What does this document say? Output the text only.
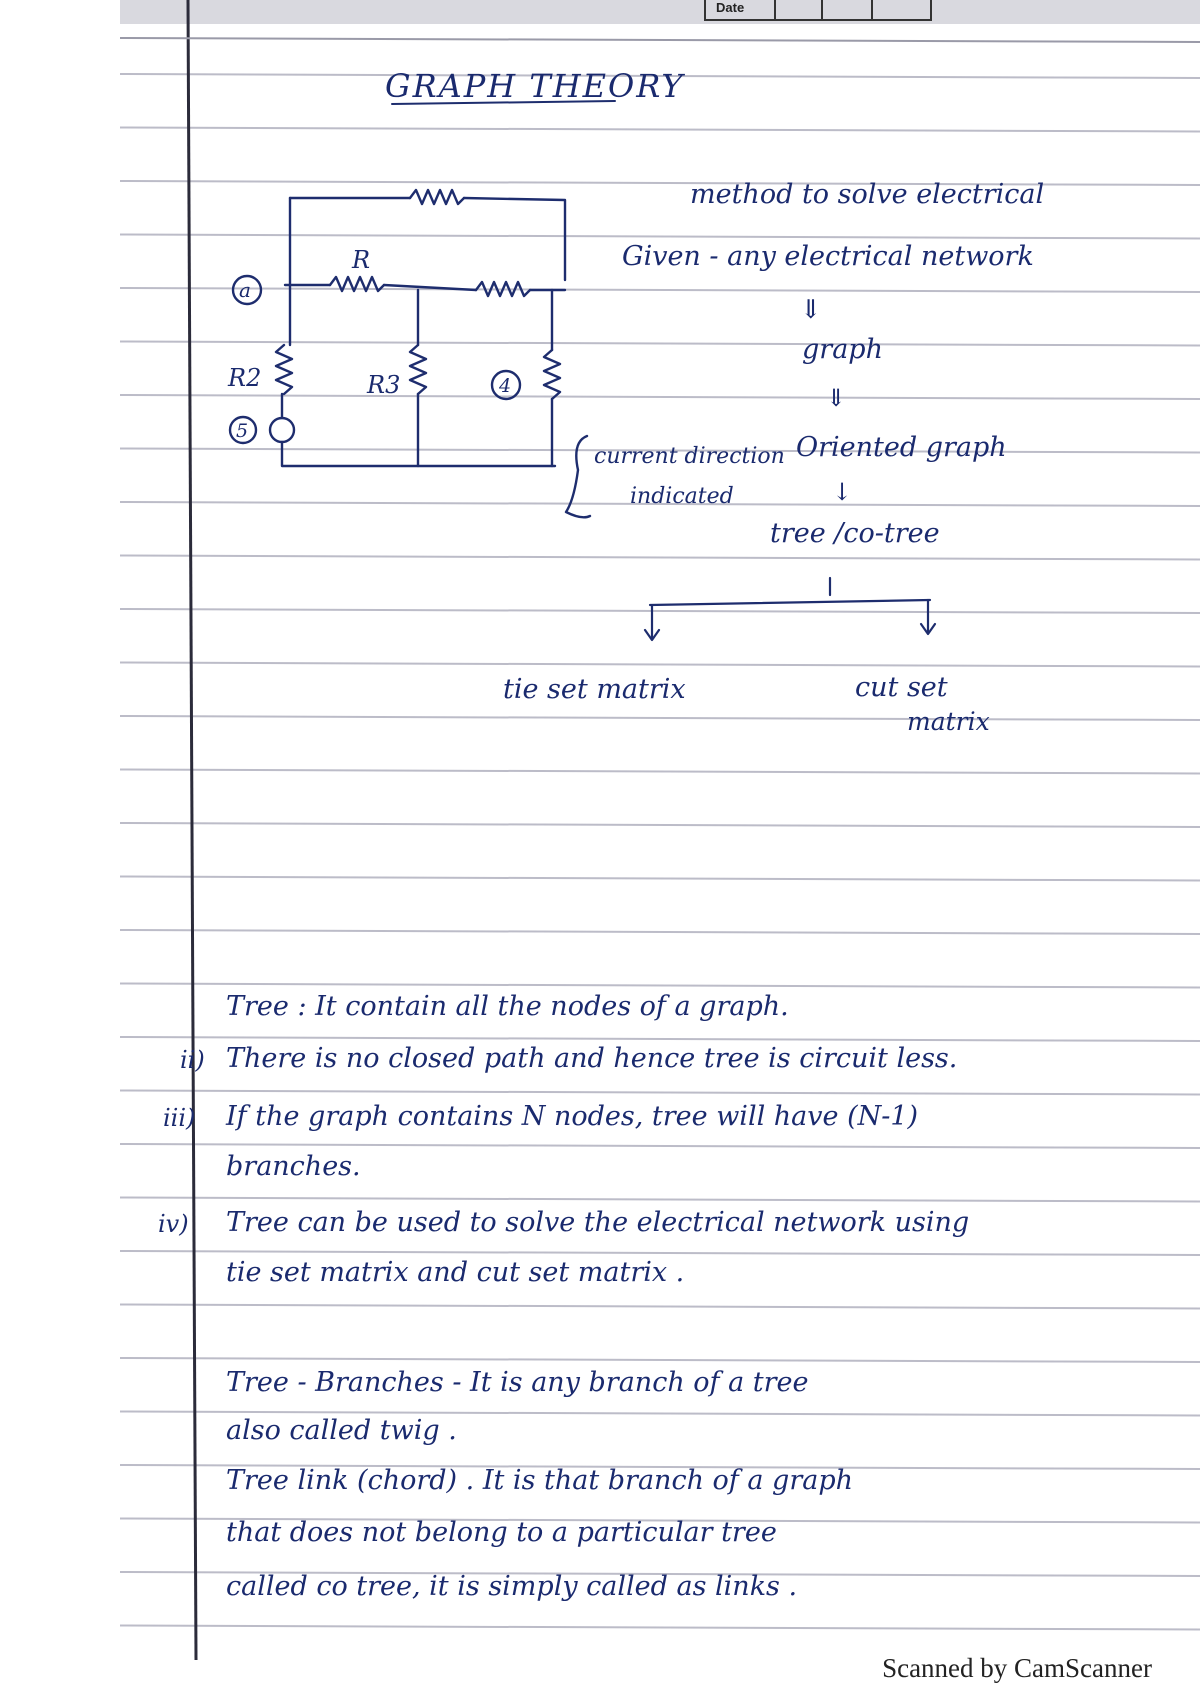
GRAPH THEORY
a
5
4
R
R2	R3
current direction
indicated
method to solve electrical
Given - any electrical network
⇓
graph
⇓
Oriented graph
↓
tree /co-tree
tie set matrix	cut set
matrix
Date
Tree : It contain all the nodes of a graph.
ii) There is no closed path and hence tree is circuit less.
iii) If the graph contains N nodes, tree will have (N-1)
branches.
iv) Tree can be used to solve the electrical network using
tie set matrix and cut set matrix .
Tree - Branches - It is any branch of a tree
also called twig .
Tree link (chord) . It is that branch of a graph
that does not belong to a particular tree
called co tree, it is simply called as links .
Scanned by CamScanner
